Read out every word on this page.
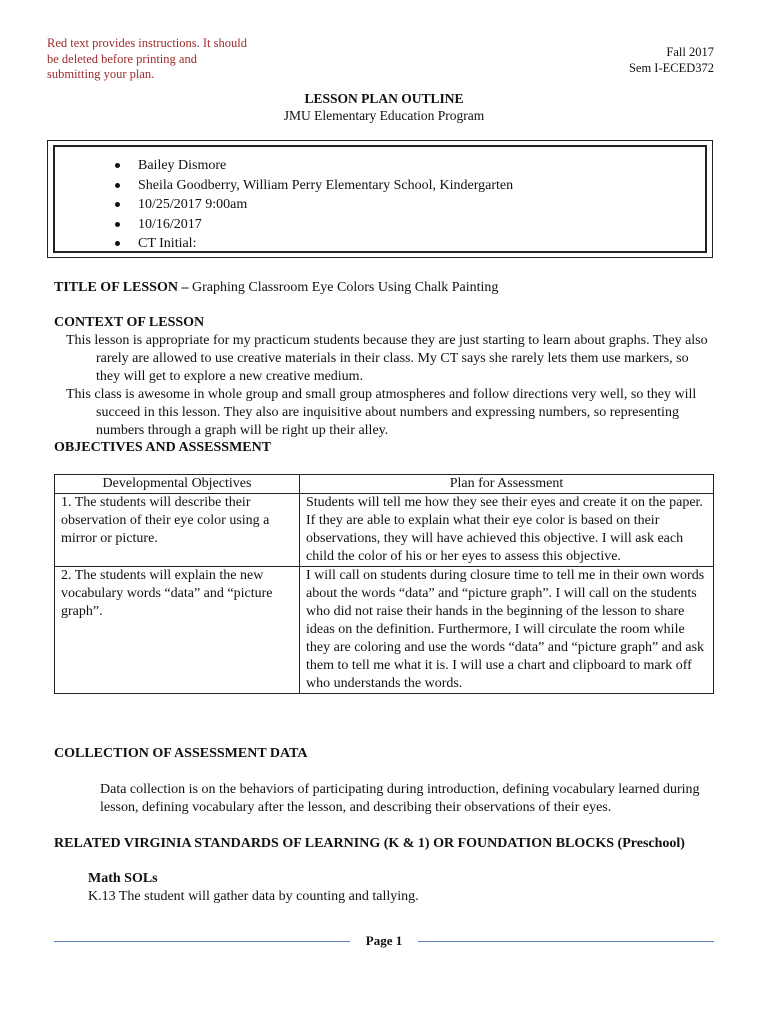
Red text provides instructions. It should be deleted before printing and submitting your plan.
Fall 2017
Sem I-ECED372
LESSON PLAN OUTLINE
JMU Elementary Education Program
Bailey Dismore
Sheila Goodberry, William Perry Elementary School, Kindergarten
10/25/2017 9:00am
10/16/2017
CT Initial:
TITLE OF LESSON – Graphing Classroom Eye Colors Using Chalk Painting
CONTEXT OF LESSON
This lesson is appropriate for my practicum students because they are just starting to learn about graphs. They also rarely are allowed to use creative materials in their class. My CT says she rarely lets them use markers, so they will get to explore a new creative medium.
This class is awesome in whole group and small group atmospheres and follow directions very well, so they will succeed in this lesson. They also are inquisitive about numbers and expressing numbers, so representing numbers through a graph will be right up their alley.
OBJECTIVES AND ASSESSMENT
Developmental Objectives	Plan for Assessment
1. The students will describe their observation of their eye color using a mirror or picture.	Students will tell me how they see their eyes and create it on the paper. If they are able to explain what their eye color is based on their observations, they will have achieved this objective. I will ask each child the color of his or her eyes to assess this objective.
2. The students will explain the new vocabulary words “data” and “picture graph”.	I will call on students during closure time to tell me in their own words about the words “data” and “picture graph”. I will call on the students who did not raise their hands in the beginning of the lesson to share ideas on the definition. Furthermore, I will circulate the room while they are coloring and use the words “data” and “picture graph” and ask them to tell me what it is. I will use a chart and clipboard to mark off who understands the words.
COLLECTION OF ASSESSMENT DATA
Data collection is on the behaviors of participating during introduction, defining vocabulary learned during lesson, defining vocabulary after the lesson, and describing their observations of their eyes.
RELATED VIRGINIA STANDARDS OF LEARNING (K & 1) OR FOUNDATION BLOCKS (Preschool)
Math SOLs
K.13 The student will gather data by counting and tallying.
Page 1
